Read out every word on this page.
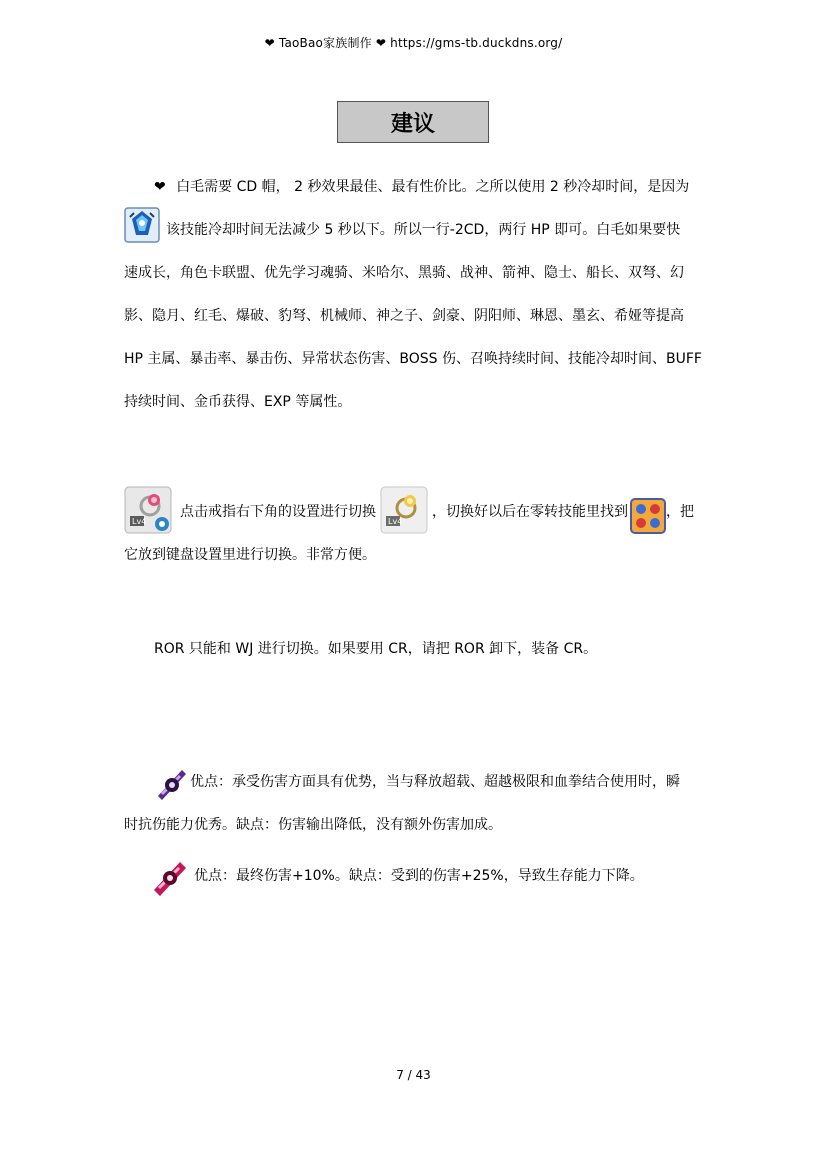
❤ TaoBao家族制作 ❤ https://gms-tb.duckdns.org/
建议
❤ 白毛需要 CD 帽， 2 秒效果最佳、最有性价比。之所以使用 2 秒冷却时间，是因为
该技能冷却时间无法减少 5 秒以下。所以一行-2CD，两行 HP 即可。白毛如果要快
速成长，角色卡联盟、优先学习魂骑、米哈尔、黑骑、战神、箭神、隐士、船长、双弩、幻
影、隐月、红毛、爆破、豹弩、机械师、神之子、剑豪、阴阳师、琳恩、墨玄、希娅等提高
HP 主属、暴击率、暴击伤、异常状态伤害、BOSS 伤、召唤持续时间、技能冷却时间、BUFF
持续时间、金币获得、EXP 等属性。
Lv4
点击戒指右下角的设置进行切换
Lv4
，切换好以后在零转技能里找到	，把
它放到键盘设置里进行切换。非常方便。
ROR 只能和 WJ 进行切换。如果要用 CR，请把 ROR 卸下，装备 CR。
优点：承受伤害方面具有优势，当与释放超载、超越极限和血拳结合使用时，瞬
时抗伤能力优秀。缺点：伤害输出降低，没有额外伤害加成。
优点：最终伤害+10%。缺点：受到的伤害+25%，导致生存能力下降。
7 / 43
